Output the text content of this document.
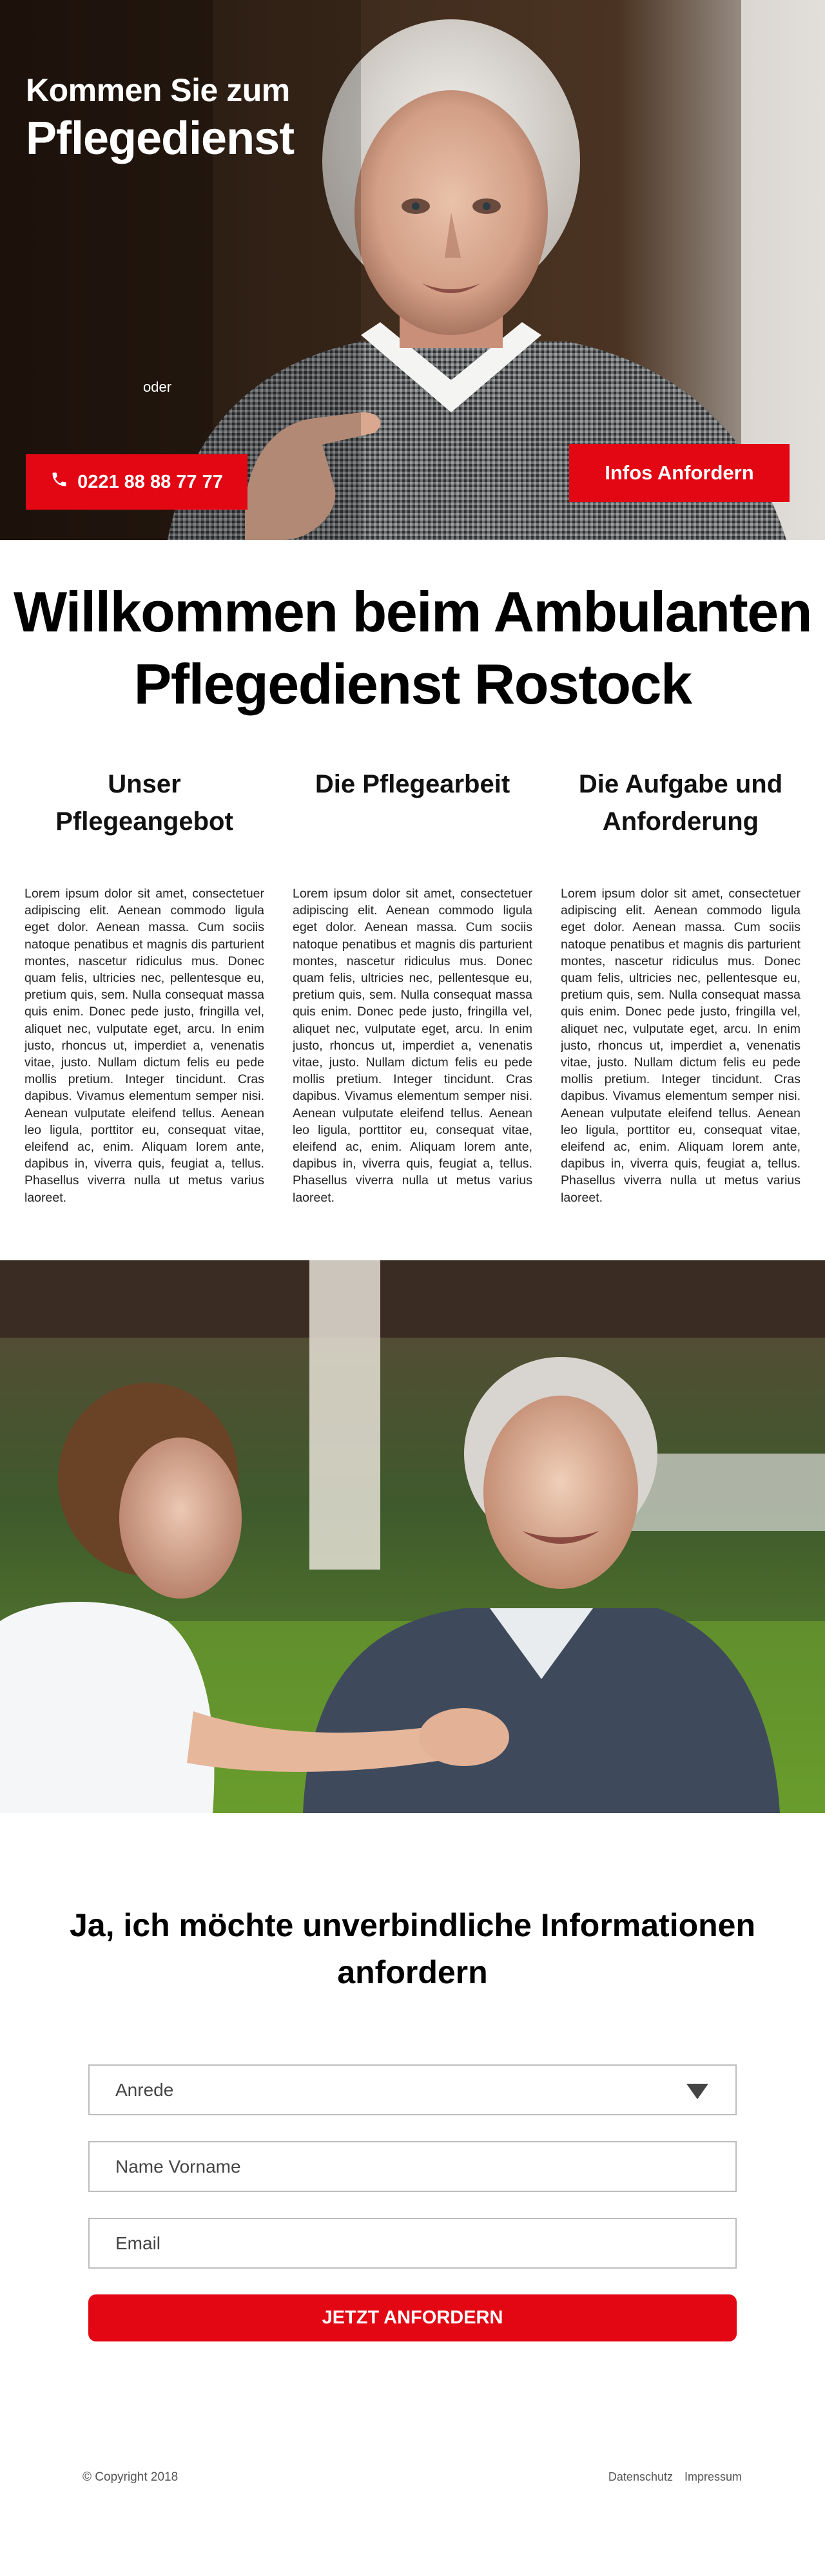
Kommen Sie zum
Pflegedienst
oder
0221 88 88 77 77	Infos Anfordern
Willkommen beim Ambulanten Pflegedienst Rostock
Unser Pflegeangebot

Lorem ipsum dolor sit amet, consectetuer adipiscing elit. Aenean commodo ligula eget dolor. Aenean massa. Cum sociis natoque penatibus et magnis dis parturient montes, nascetur ridiculus mus. Donec quam felis, ultricies nec, pellentesque eu, pretium quis, sem. Nulla consequat massa quis enim. Donec pede justo, fringilla vel, aliquet nec, vulputate eget, arcu. In enim justo, rhoncus ut, imperdiet a, venenatis vitae, justo. Nullam dictum felis eu pede mollis pretium. Integer tincidunt. Cras dapibus. Vivamus elementum semper nisi. Aenean vulputate eleifend tellus. Aenean leo ligula, porttitor eu, consequat vitae, eleifend ac, enim. Aliquam lorem ante, dapibus in, viverra quis, feugiat a, tellus. Phasellus viverra nulla ut metus varius laoreet.

Die Pflegearbeit

Lorem ipsum dolor sit amet, consectetuer adipiscing elit. Aenean commodo ligula eget dolor. Aenean massa. Cum sociis natoque penatibus et magnis dis parturient montes, nascetur ridiculus mus. Donec quam felis, ultricies nec, pellentesque eu, pretium quis, sem. Nulla consequat massa quis enim. Donec pede justo, fringilla vel, aliquet nec, vulputate eget, arcu. In enim justo, rhoncus ut, imperdiet a, venenatis vitae, justo. Nullam dictum felis eu pede mollis pretium. Integer tincidunt. Cras dapibus. Vivamus elementum semper nisi. Aenean vulputate eleifend tellus. Aenean leo ligula, porttitor eu, consequat vitae, eleifend ac, enim. Aliquam lorem ante, dapibus in, viverra quis, feugiat a, tellus. Phasellus viverra nulla ut metus varius laoreet.

Die Aufgabe und Anforderung

Lorem ipsum dolor sit amet, consectetuer adipiscing elit. Aenean commodo ligula eget dolor. Aenean massa. Cum sociis natoque penatibus et magnis dis parturient montes, nascetur ridiculus mus. Donec quam felis, ultricies nec, pellentesque eu, pretium quis, sem. Nulla consequat massa quis enim. Donec pede justo, fringilla vel, aliquet nec, vulputate eget, arcu. In enim justo, rhoncus ut, imperdiet a, venenatis vitae, justo. Nullam dictum felis eu pede mollis pretium. Integer tincidunt. Cras dapibus. Vivamus elementum semper nisi. Aenean vulputate eleifend tellus. Aenean leo ligula, porttitor eu, consequat vitae, eleifend ac, enim. Aliquam lorem ante, dapibus in, viverra quis, feugiat a, tellus. Phasellus viverra nulla ut metus varius laoreet.

Ja, ich möchte unverbindliche Informationen anfordern
Anrede
Name Vorname
Email
JETZT ANFORDERN
© Copyright 2018	Datenschutz Impressum
